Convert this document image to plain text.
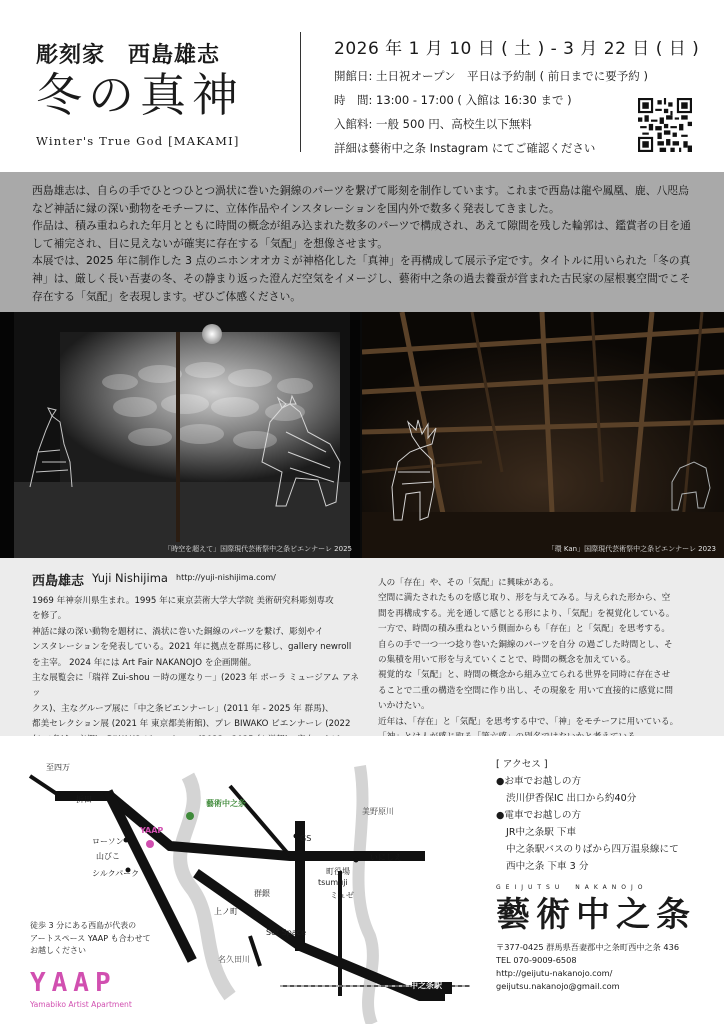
彫刻家　西島雄志
冬の真神
Winter's True God [MAKAMI]
2026 年 1 月 10 日 ( 土 ) - 3 月 22 日 ( 日 )
開館日: 土日祝オープン　平日は予約制 ( 前日までに要予約 )
時　間: 13:00 - 17:00 ( 入館は 16:30 まで )
入館料: 一般 500 円、高校生以下無料
詳細は藝術中之条 Instagram にてご確認ください

西島雄志は、自らの手でひとつひとつ渦状に巻いた銅線のパーツを繋げて彫刻を制作しています。これまで西島は龍や鳳凰、鹿、八咫烏など神話に縁の深い動物をモチーフに、立体作品やインスタレーションを国内外で数多く発表してきました。

作品は、積み重ねられた年月とともに時間の概念が組み込まれた数多のパーツで構成され、あえて隙間を残した輪郭は、鑑賞者の目を通して補完され、目に見えないが確実に存在する「気配」を想像させます。

本展では、2025 年に制作した 3 点のニホンオオカミが神格化した「真神」を再構成して展示予定です。タイトルに用いられた「冬の真神」は、厳しく長い吾妻の冬、その静まり返った澄んだ空気をイメージし、藝術中之条の過去養蚕が営まれた古民家の屋根裏空間でこそ存在する「気配」を表現します。ぜひご体感ください。

「時空を超えて」国際現代芸術祭中之条ビエンナーレ 2025	「環 Kan」国際現代芸術祭中之条ビエンナーレ 2023
西島雄志 Yuji Nishijima http://yuji-nishijima.com/
1969 年神奈川県生まれ。1995 年に東京芸術大学大学院 美術研究科彫刻専攻
を修了。
神話に縁の深い動物を題材に、渦状に巻いた銅線のパーツを繋げ、彫刻やイ
ンスタレーションを発表している。2021 年に拠点を群馬に移し、gallery newroll
を主宰。 2024 年には Art Fair NAKANOJO を企画開催。
主な展覧会に「瑞祥 Zui-shou －時の運なり－」(2023 年 ポーラ ミュージアム アネッ
クス)、主なグループ展に「中之条ビエンナーレ」(2011 年 - 2025 年 群馬)、
都美セレクション展 (2021 年 東京都美術館)、プレ BIWAKO ビエンナーレ (2022
人の「存在」や、その「気配」に興味がある。
空間に満たされたものを感じ取り、形を与えてみる。与えられた形から、空
間を再構成する。光を通して感じとる形により、「気配」を視覚化している。
一方で、時間の積み重ねという側面からも「存在」と「気配」を思考する。
自らの手で一つ一つ捻り巻いた銅線のパーツを自分 の過ごした時間とし、そ
の集積を用いて形を与えていくことで、時間の概念を加えている。
視覚的な「気配」と、時間の概念から組み立てられる世界を同時に存在させ
ることで二重の構造を空間に作り出し、その現象を 用いて直接的に感覚に問
いかけたい。
近年は、「存在」と「気配」を思考する中で、「神」をモチーフに用いている。
至四万
折田	藝術中之条
YAAP
ローソン
山びこ
シルクパーク
GS
町役場
tsumuji
ミュゼ
いにしえ
群銀
上ノ町
Set Space
中之条駅
名久田川
美野原川
徒歩 3 分にある西島が代表の
アートスペース YAAP も合わせて
お越しください
YAAP
Yamabiko Artist Apartment
[ アクセス ]
●お車でお越しの方
渋川伊香保IC 出口から約40分
●電車でお越しの方
JR中之条駅 下車
中之条駅バスのりばから四万温泉線にて
西中之条 下車 3 分
GEIJUTSU　NAKANOJO
藝術中之条
〒377-0425 群馬県吾妻郡中之条町西中之条 436
TEL 070-9009-6508
http://geijutu-nakanojo.com/
geijutsu.nakanojo@gmail.com
